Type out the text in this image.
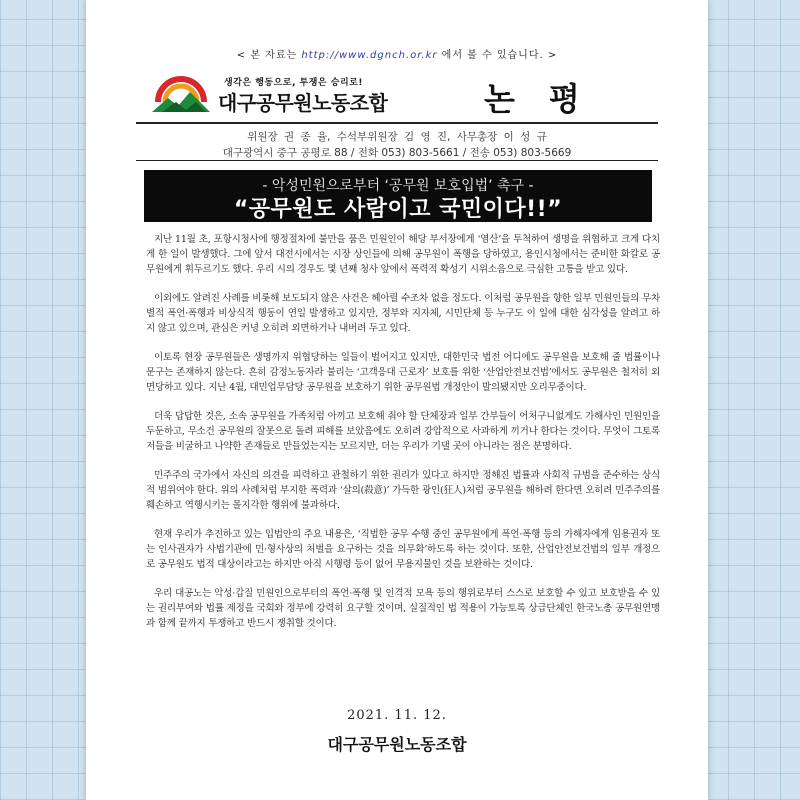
< 본 자료는 http://www.dgnch.or.kr 에서 볼 수 있습니다. >
생각은 행동으로, 투쟁은 승리로!
대구공무원노동조합	논평
위원장 권 종 율, 수석부위원장 김 영 진, 사무총장 이 성 규
대구광역시 중구 공평로 88 / 전화 053) 803-5661 / 전송 053) 803-5669
- 악성민원으로부터 ‘공무원 보호입법’ 촉구 -
“공무원도 사람이고 국민이다!!”

지난 11월 초, 포항시청사에 행정절차에 불만을 품은 민원인이 해당 부서장에게 ‘염산’을 투척하여 생명을 위협하고 크게 다치게 한 일이 발생했다. 그에 앞서 대전시에서는 시장 상인들에 의해 공무원이 폭행을 당하였고, 용인시청에서는 준비한 화칼로 공무원에게 휘두르기도 했다. 우리 시의 경우도 몇 년째 청사 앞에서 폭력적 확성기 시위소음으로 극심한 고통을 받고 있다.

이외에도 알려진 사례를 비롯해 보도되지 않은 사건은 헤아릴 수조차 없을 정도다. 이처럼 공무원을 향한 일부 민원인들의 무차별적 폭언·폭행과 비상식적 행동이 연일 발생하고 있지만, 정부와 지자체, 시민단체 등 누구도 이 일에 대한 심각성을 알려고 하지 않고 있으며, 관심은 커녕 오히려 외면하거나 내버려 두고 있다.

이토록 현장 공무원들은 생명까지 위협당하는 일들이 벌어지고 있지만, 대한민국 법전 어디에도 공무원을 보호해 줄 법률이나 문구는 존재하지 않는다. 흔히 감정노동자라 불리는 ‘고객응대 근로자’ 보호를 위한 ‘산업안전보건법’에서도 공무원은 철저히 외면당하고 있다. 지난 4월, 대민업무담당 공무원을 보호하기 위한 공무원법 개정안이 발의됐지만 오리무중이다.

더욱 답답한 것은, 소속 공무원을 가족처럼 아끼고 보호해 줘야 할 단체장과 일부 간부들이 어처구니없게도 가해사인 민원인을 두둔하고, 무소건 공무원의 잘못으로 돌려 피해를 보았음에도 오히려 강압적으로 사과하게 끼거나 한다는 것이다. 무엇이 그토록 저들을 비굴하고 나약한 존재들로 만들었는지는 모르지만, 더는 우리가 기댈 곳이 아니라는 점은 분명하다.

민주주의 국가에서 자신의 의견을 피력하고 관철하기 위한 권리가 있다고 하지만 정해진 법률과 사회적 규범을 준수하는 상식적 범위여야 한다. 위의 사례처럼 부지한 폭력과 ‘살의(殺意)’ 가득한 광인(狂人)처럼 공무원을 해하려 한다면 오히려 민주주의를 훼손하고 역행시키는 몰지각한 행위에 불과하다.

현재 우리가 추진하고 있는 입법안의 주요 내용은, ‘직법한 공무 수행 중인 공무원에게 폭언·폭행 등의 가해자에게 임용권자 또는 인사권자가 사법기관에 민·형사상의 처벌을 요구하는 것을 의무화’하도록 하는 것이다. 또한, 산업안전보건법의 일부 개정으로 공무원도 법적 대상이라고는 하지만 아직 시행령 등이 없어 무용지물인 것을 보완하는 것이다.

우리 대공노는 악성·갑질 민원인으로부터의 폭언·폭행 및 인격적 모욕 등의 행위로부터 스스로 보호할 수 있고 보호받을 수 있는 권리부여와 법률 제정을 국회와 정부에 강력히 요구할 것이며, 실질적인 법 적용이 가능토록 상급단체인 한국노총 공무원연맹과 함께 끝까지 투쟁하고 반드시 쟁취할 것이다.

2021. 11. 12.
대구공무원노동조합
